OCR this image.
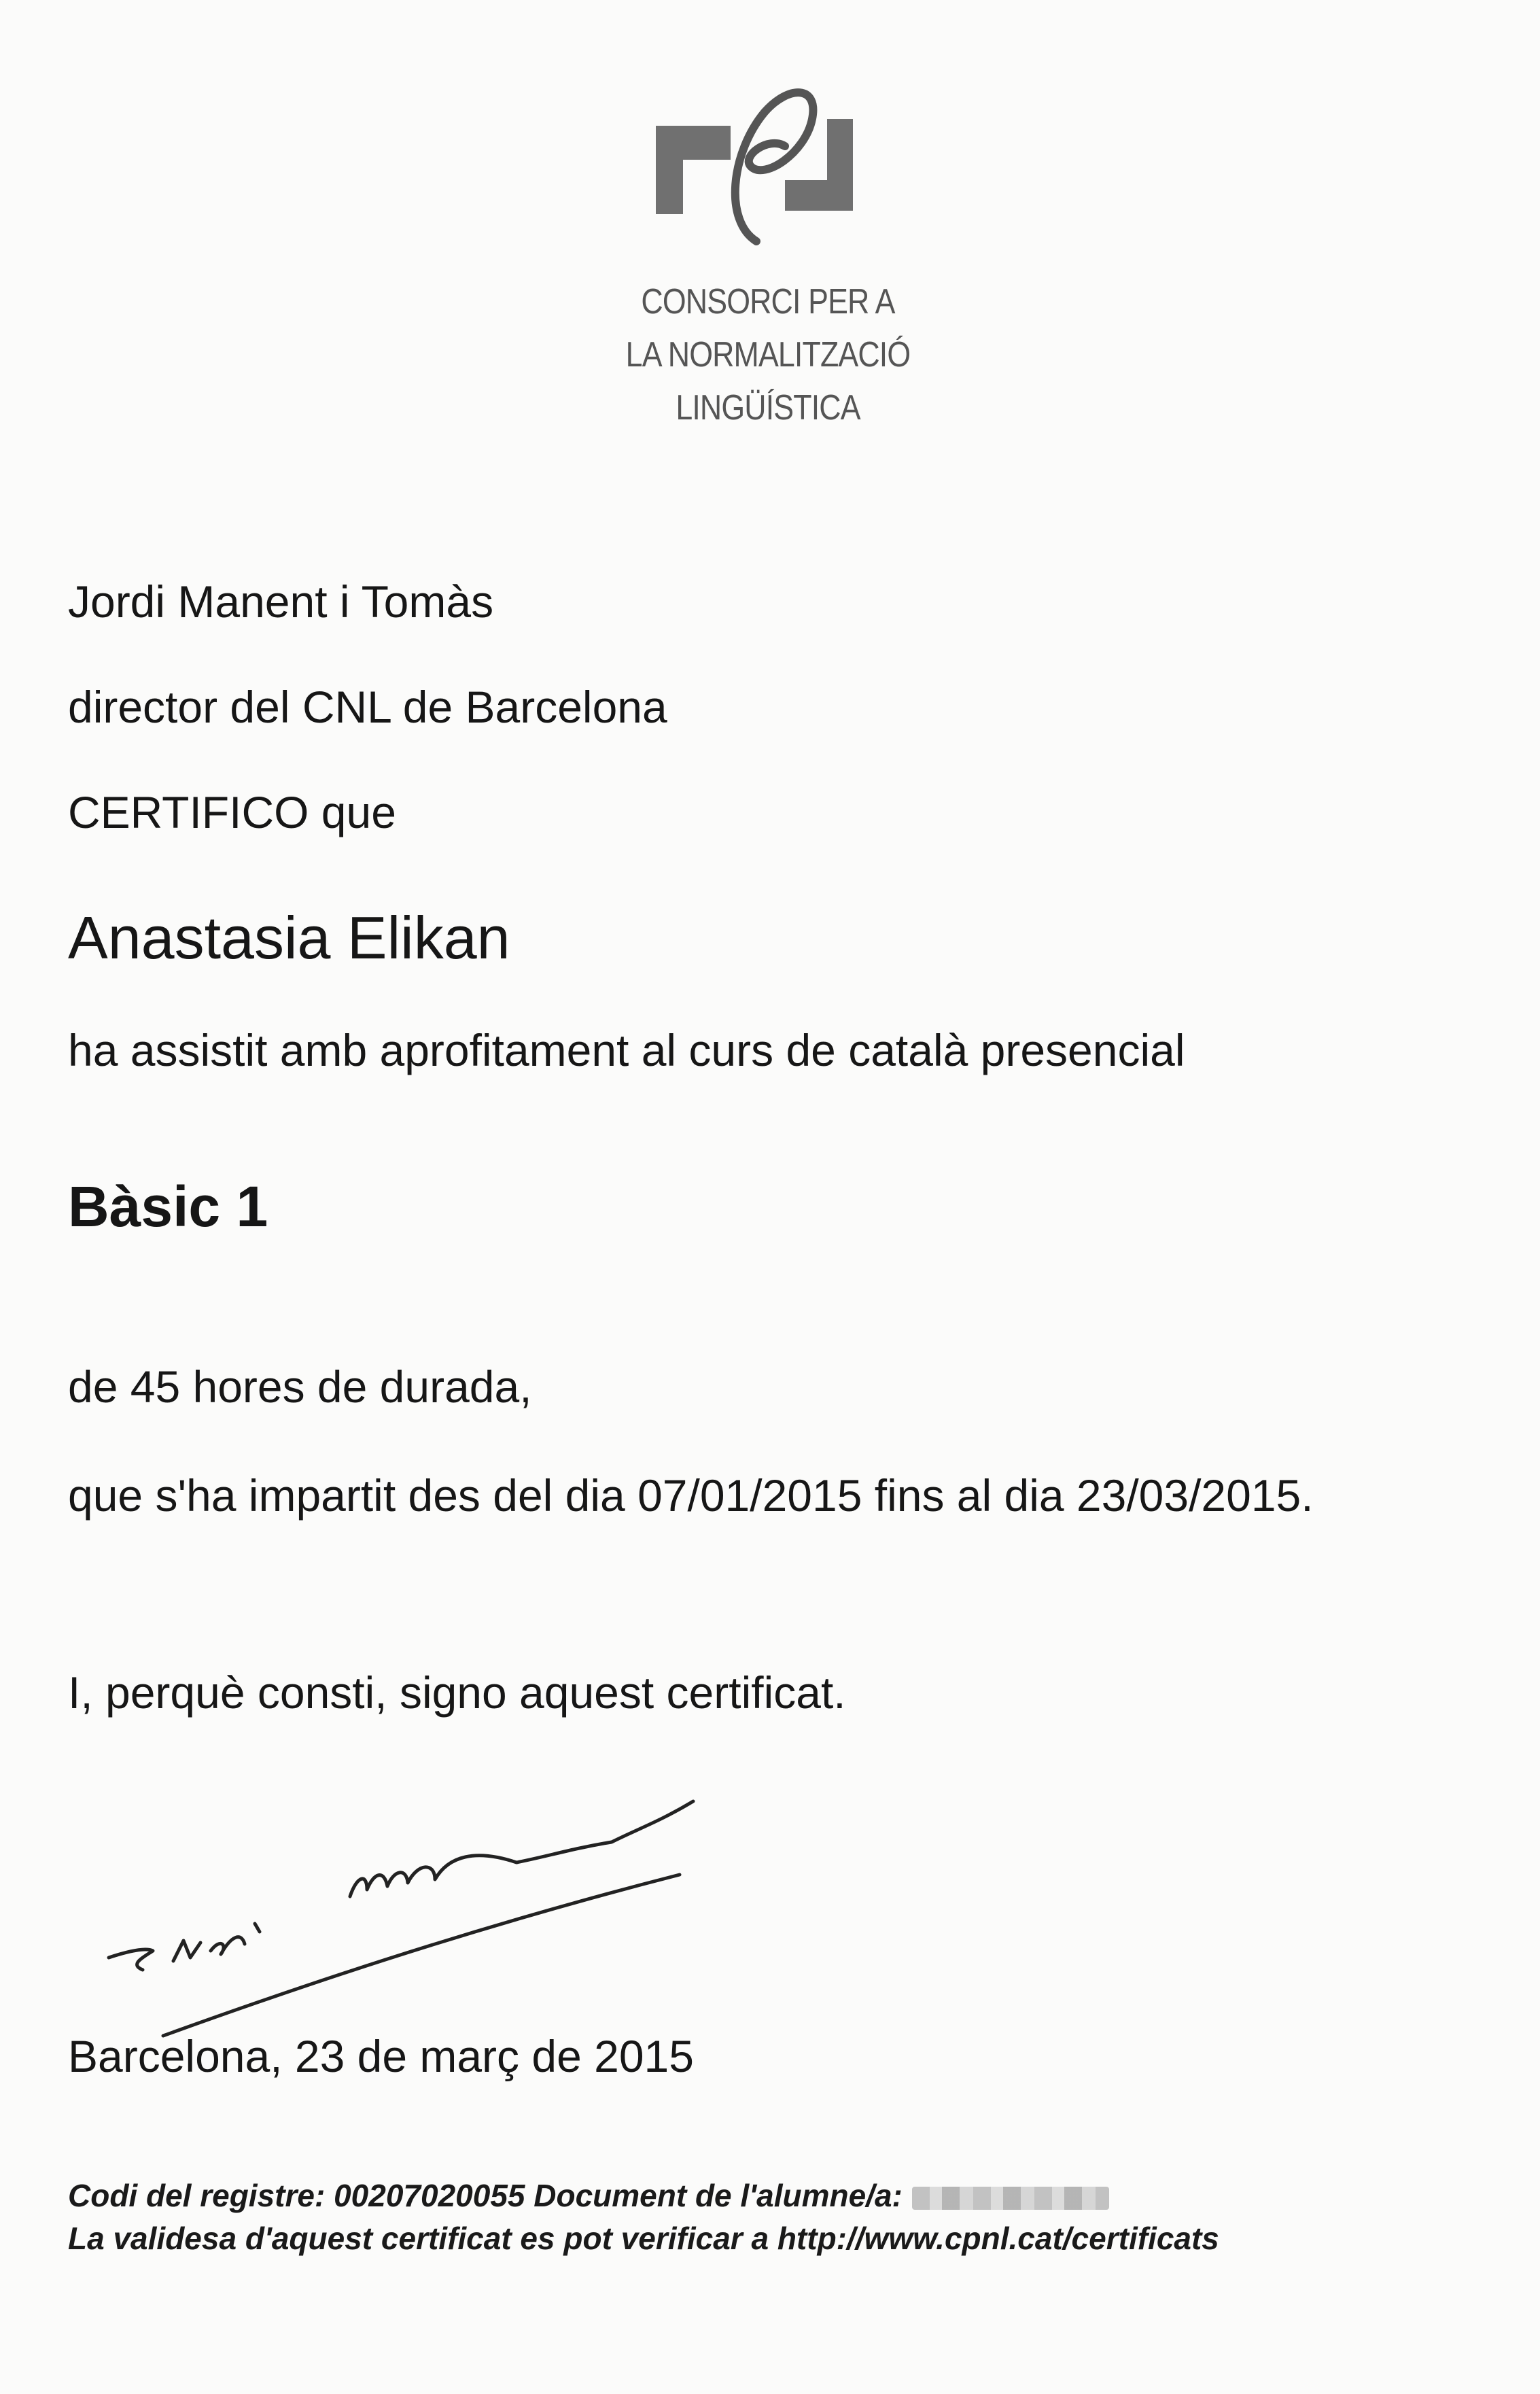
CONSORCI PER A
LA NORMALITZACIÓ
LINGÜÍSTICA
Jordi Manent i Tomàs
director del CNL de Barcelona
CERTIFICO que
Anastasia Elikan
ha assistit amb aprofitament al curs de català presencial
Bàsic 1
de 45 hores de durada,
que s'ha impartit des del dia 07/01/2015 fins al dia 23/03/2015.
I, perquè consti, signo aquest certificat.
Barcelona, 23 de març de 2015
Codi del registre: 00207020055 Document de l'alumne/a:
La validesa d'aquest certificat es pot verificar a http://www.cpnl.cat/certificats
